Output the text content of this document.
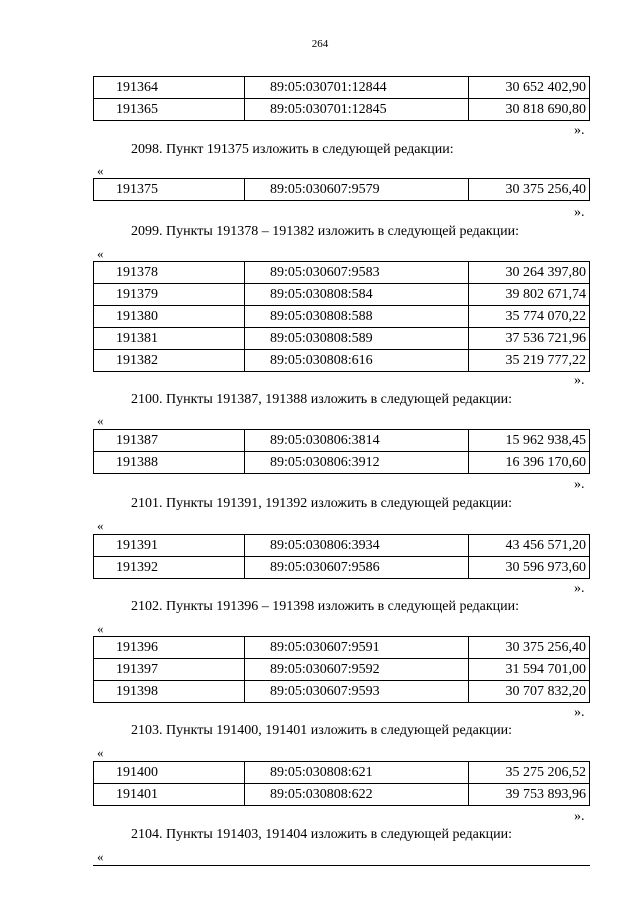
264
191364	89:05:030701:12844	30 652 402,90
191365	89:05:030701:12845	30 818 690,80
».
2098. Пункт 191375 изложить в следующей редакции:
«
191375	89:05:030607:9579	30 375 256,40
».
2099. Пункты 191378 – 191382 изложить в следующей редакции:
«
191378	89:05:030607:9583	30 264 397,80
191379	89:05:030808:584	39 802 671,74
191380	89:05:030808:588	35 774 070,22
191381	89:05:030808:589	37 536 721,96
191382	89:05:030808:616	35 219 777,22
».
2100. Пункты 191387, 191388 изложить в следующей редакции:
«
191387	89:05:030806:3814	15 962 938,45
191388	89:05:030806:3912	16 396 170,60
».
2101. Пункты 191391, 191392 изложить в следующей редакции:
«
191391	89:05:030806:3934	43 456 571,20
191392	89:05:030607:9586	30 596 973,60
».
2102. Пункты 191396 – 191398 изложить в следующей редакции:
«
191396	89:05:030607:9591	30 375 256,40
191397	89:05:030607:9592	31 594 701,00
191398	89:05:030607:9593	30 707 832,20
».
2103. Пункты 191400, 191401 изложить в следующей редакции:
«
191400	89:05:030808:621	35 275 206,52
191401	89:05:030808:622	39 753 893,96
».
2104. Пункты 191403, 191404 изложить в следующей редакции:
«
